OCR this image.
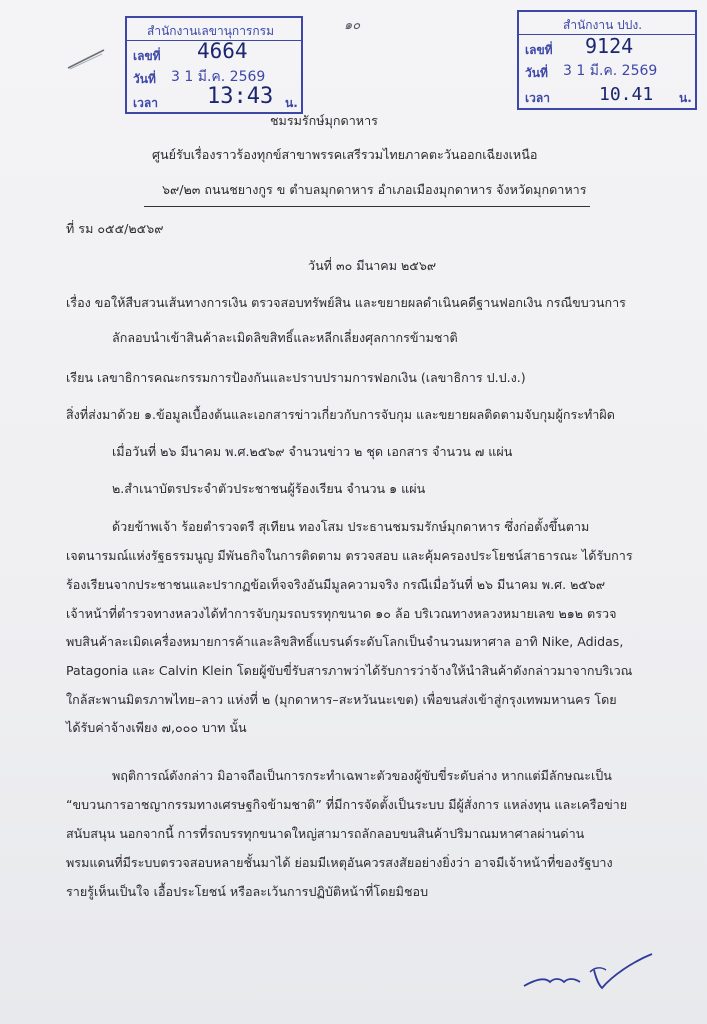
สำนักงานเลขานุการกรม
เลขที่ 4664
วันที่ 3 1 มี.ค. 2569
เวลา 13:43 น.
๑๐	สำนักงาน ปปง.
เลขที่ 9124
วันที่ 3 1 มี.ค. 2569
เวลา	10.41 น.
ชมรมรักษ์มุกดาหาร
ศูนย์รับเรื่องราวร้องทุกข์สาขาพรรคเสรีรวมไทยภาคตะวันออกเฉียงเหนือ
๖๙/๒๓ ถนนชยางกูร ข ตำบลมุกดาหาร อำเภอเมืองมุกดาหาร จังหวัดมุกดาหาร
ที่ รม ๐๕๕/๒๕๖๙
วันที่ ๓๐ มีนาคม ๒๕๖๙
เรื่อง ขอให้สืบสวนเส้นทางการเงิน ตรวจสอบทรัพย์สิน และขยายผลดำเนินคดีฐานฟอกเงิน กรณีขบวนการ
ลักลอบนำเข้าสินค้าละเมิดลิขสิทธิ์และหลีกเลี่ยงศุลกากรข้ามชาติ
เรียน เลขาธิการคณะกรรมการป้องกันและปราบปรามการฟอกเงิน (เลขาธิการ ป.ป.ง.)
สิ่งที่ส่งมาด้วย ๑.ข้อมูลเบื้องต้นและเอกสารข่าวเกี่ยวกับการจับกุม และขยายผลติดตามจับกุมผู้กระทำผิด
เมื่อวันที่ ๒๖ มีนาคม พ.ศ.๒๕๖๙ จำนวนข่าว ๒ ชุด เอกสาร จำนวน ๗ แผ่น
๒.สำเนาบัตรประจำตัวประชาชนผู้ร้องเรียน จำนวน ๑ แผ่น
ด้วยข้าพเจ้า ร้อยตำรวจตรี สุเทียน ทองโสม ประธานชมรมรักษ์มุกดาหาร ซึ่งก่อตั้งขึ้นตาม
เจตนารมณ์แห่งรัฐธรรมนูญ มีพันธกิจในการติดตาม ตรวจสอบ และคุ้มครองประโยชน์สาธารณะ ได้รับการ
ร้องเรียนจากประชาชนและปรากฏข้อเท็จจริงอันมีมูลความจริง กรณีเมื่อวันที่ ๒๖ มีนาคม พ.ศ. ๒๕๖๙
เจ้าหน้าที่ตำรวจทางหลวงได้ทำการจับกุมรถบรรทุกขนาด ๑๐ ล้อ บริเวณทางหลวงหมายเลข ๒๑๒ ตรวจ
พบสินค้าละเมิดเครื่องหมายการค้าและลิขสิทธิ์แบรนด์ระดับโลกเป็นจำนวนมหาศาล อาทิ Nike, Adidas,
Patagonia และ Calvin Klein โดยผู้ขับขี่รับสารภาพว่าได้รับการว่าจ้างให้นำสินค้าดังกล่าวมาจากบริเวณ
ใกล้สะพานมิตรภาพไทย–ลาว แห่งที่ ๒ (มุกดาหาร–สะหวันนะเขต) เพื่อขนส่งเข้าสู่กรุงเทพมหานคร โดย
ได้รับค่าจ้างเพียง ๗,๐๐๐ บาท นั้น
พฤติการณ์ดังกล่าว มิอาจถือเป็นการกระทำเฉพาะตัวของผู้ขับขี่ระดับล่าง หากแต่มีลักษณะเป็น
“ขบวนการอาชญากรรมทางเศรษฐกิจข้ามชาติ” ที่มีการจัดตั้งเป็นระบบ มีผู้สั่งการ แหล่งทุน และเครือข่าย
สนับสนุน นอกจากนี้ การที่รถบรรทุกขนาดใหญ่สามารถลักลอบขนสินค้าปริมาณมหาศาลผ่านด่าน
พรมแดนที่มีระบบตรวจสอบหลายชั้นมาได้ ย่อมมีเหตุอันควรสงสัยอย่างยิ่งว่า อาจมีเจ้าหน้าที่ของรัฐบาง
รายรู้เห็นเป็นใจ เอื้อประโยชน์ หรือละเว้นการปฏิบัติหน้าที่โดยมิชอบ
